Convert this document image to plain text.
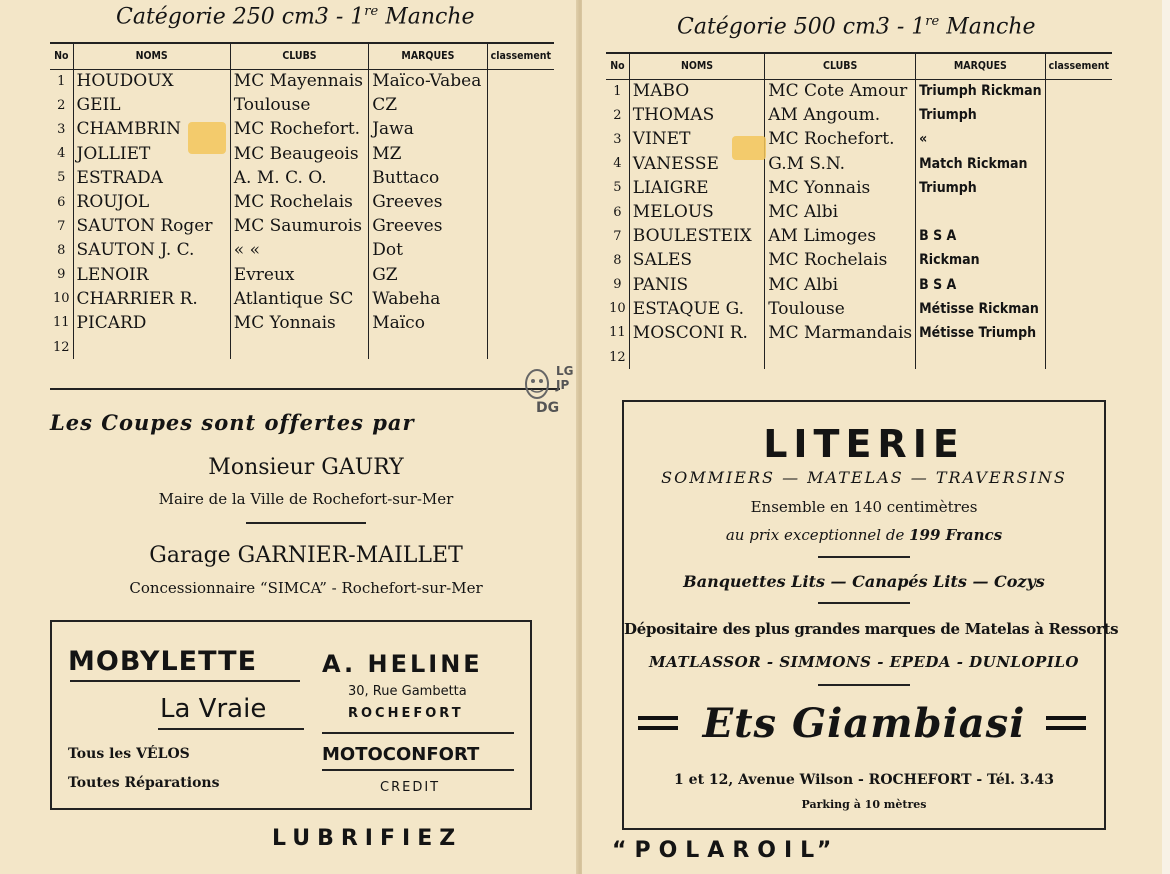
Catégorie 250 cm3 - 1re Manche
No	NOMS	CLUBS	MARQUES	classement
1	HOUDOUX	MC Mayennais	Maïco-Vabea	
2	GEIL	Toulouse	CZ	
3	CHAMBRIN	MC Rochefort.	Jawa	
4	JOLLIET	MC Beaugeois	MZ	
5	ESTRADA	A. M. C. O.	Buttaco	
6	ROUJOL	MC Rochelais	Greeves	
7	SAUTON Roger	MC Saumurois	Greeves	
8	SAUTON J. C.	« «	Dot	
9	LENOIR	Evreux	GZ	
10	CHARRIER R.	Atlantique SC	Wabeha	
11	PICARD	MC Yonnais	Maïco	
12				
Les Coupes sont offertes par
Monsieur GAURY
Maire de la Ville de Rochefort-sur-Mer
Garage GARNIER-MAILLET
Concessionnaire “SIMCA” - Rochefort-sur-Mer
MOBYLETTE
La Vraie
Tous les VÉLOS
Toutes Réparations
A. HELINE
30, Rue Gambetta
ROCHEFORT
MOTOCONFORT
CREDIT
LUBRIFIEZ
LG
JP
DG
Catégorie 500 cm3 - 1re Manche
No	NOMS	CLUBS	MARQUES	classement
1	MABO	MC Cote Amour	Triumph Rickman	
2	THOMAS	AM Angoum.	Triumph	
3	VINET	MC Rochefort.	«	
4	VANESSE	G.M S.N.	Match Rickman	
5	LIAIGRE	MC Yonnais	Triumph	
6	MELOUS	MC Albi		
7	BOULESTEIX	AM Limoges	B S A	
8	SALES	MC Rochelais	Rickman	
9	PANIS	MC Albi	B S A	
10	ESTAQUE G.	Toulouse	Métisse Rickman	
11	MOSCONI R.	MC Marmandais	Métisse Triumph	
12				
LITERIE
SOMMIERS — MATELAS — TRAVERSINS
Ensemble en 140 centimètres
au prix exceptionnel de 199 Francs
Banquettes Lits — Canapés Lits — Cozys
Dépositaire des plus grandes marques de Matelas à Ressorts
MATLASSOR - SIMMONS - EPEDA - DUNLOPILO
Ets Giambiasi
1 et 12, Avenue Wilson - ROCHEFORT - Tél. 3.43
Parking à 10 mètres
“POLAROIL”
